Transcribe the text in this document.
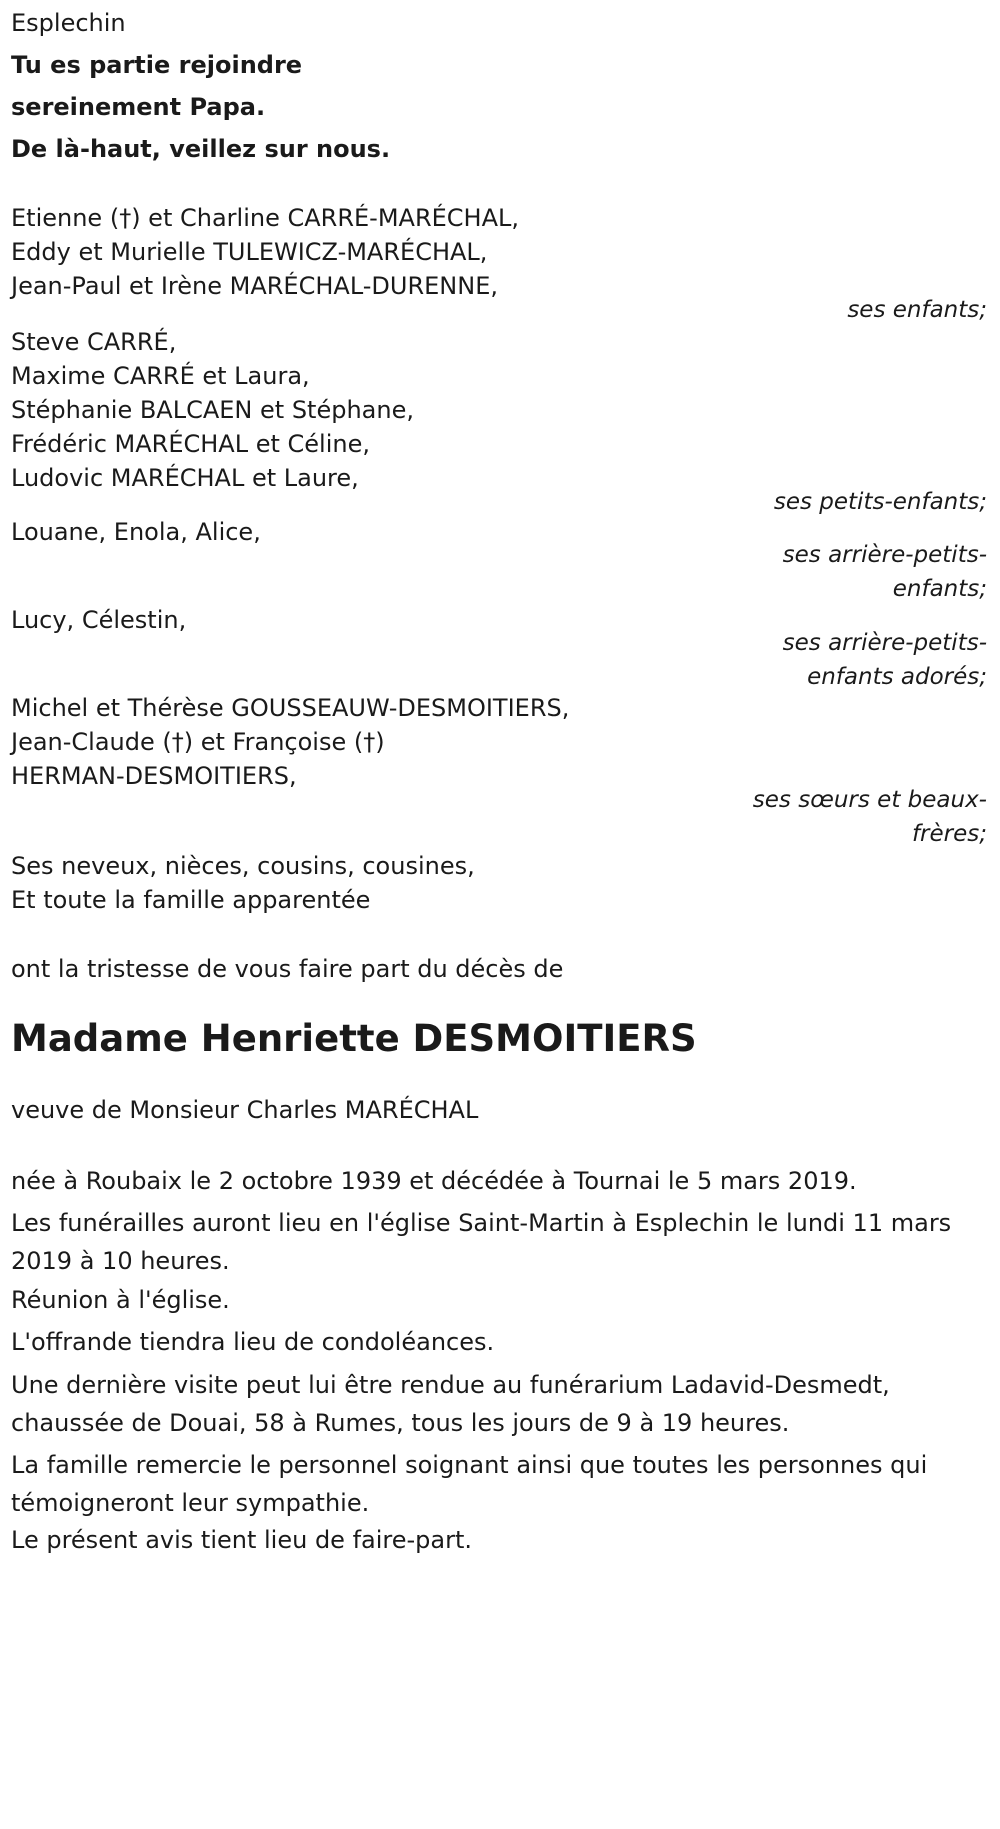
Esplechin
Tu es partie rejoindre
sereinement Papa.
De là-haut, veillez sur nous.
Etienne (†) et Charline CARRÉ-MARÉCHAL,
Eddy et Murielle TULEWICZ-MARÉCHAL,
Jean-Paul et Irène MARÉCHAL-DURENNE,
ses enfants;
Steve CARRÉ,
Maxime CARRÉ et Laura,
Stéphanie BALCAEN et Stéphane,
Frédéric MARÉCHAL et Céline,
Ludovic MARÉCHAL et Laure,
ses petits-enfants;
Louane, Enola, Alice,
ses arrière-petits-
enfants;
Lucy, Célestin,
ses arrière-petits-
enfants adorés;
Michel et Thérèse GOUSSEAUW-DESMOITIERS,
Jean-Claude (†) et Françoise (†)
HERMAN-DESMOITIERS,
ses sœurs et beaux-
frères;
Ses neveux, nièces, cousins, cousines,
Et toute la famille apparentée
ont la tristesse de vous faire part du décès de
Madame Henriette DESMOITIERS
veuve de Monsieur Charles MARÉCHAL
née à Roubaix le 2 octobre 1939 et décédée à Tournai le 5 mars 2019.
Les funérailles auront lieu en l'église Saint-Martin à Esplechin le lundi 11 mars 2019 à 10 heures.
Réunion à l'église.
L'offrande tiendra lieu de condoléances.
Une dernière visite peut lui être rendue au funérarium Ladavid-Desmedt, chaussée de Douai, 58 à Rumes, tous les jours de 9 à 19 heures.
La famille remercie le personnel soignant ainsi que toutes les personnes qui témoigneront leur sympathie.
Le présent avis tient lieu de faire-part.
